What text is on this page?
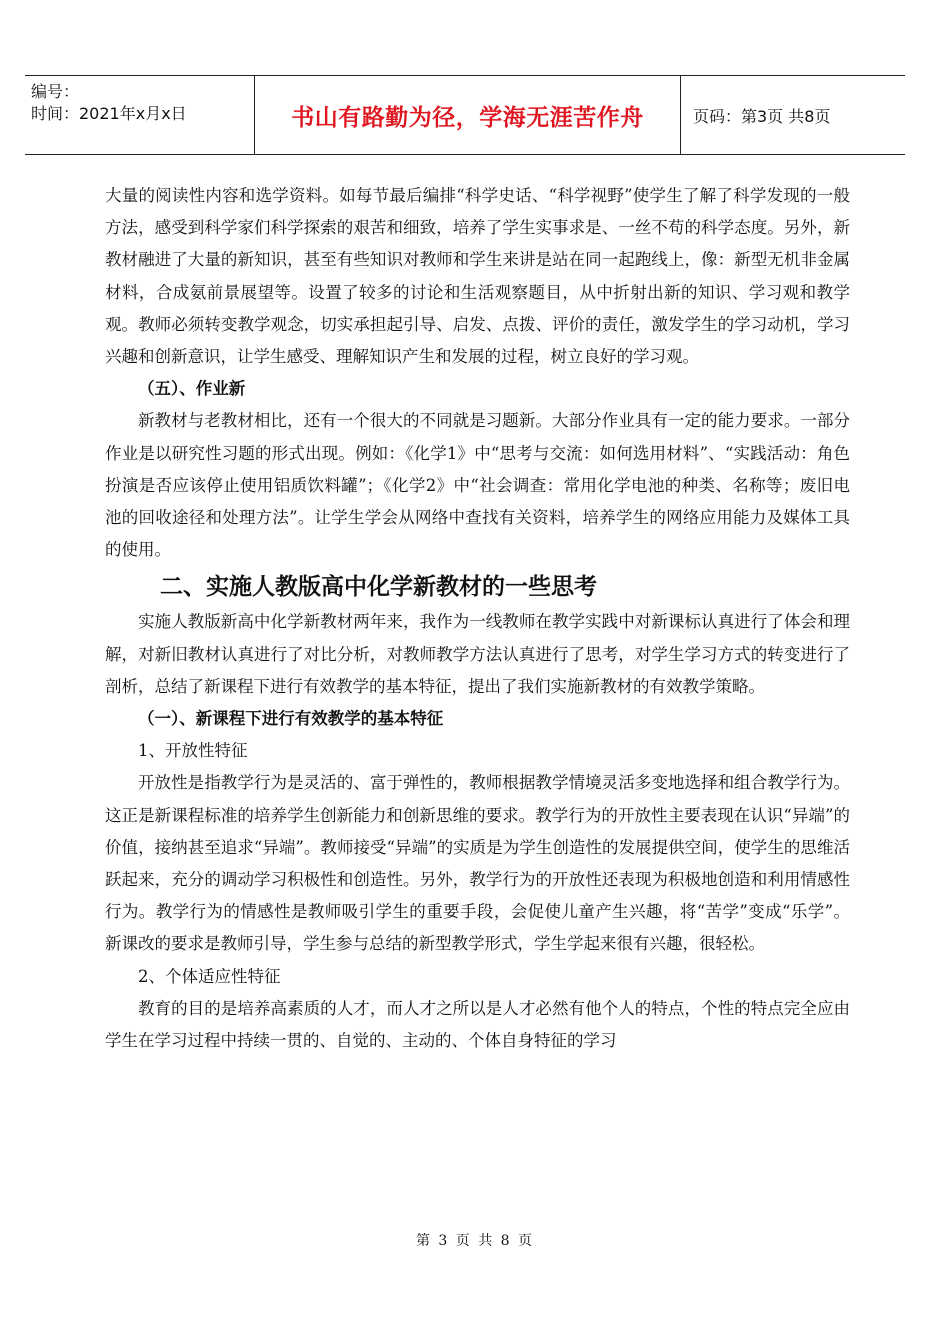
编号：
时间：2021年x月x日	书山有路勤为径，学海无涯苦作舟	页码：第3页 共8页

大量的阅读性内容和选学资料。如每节最后编排“科学史话、“科学视野”使学生了解了科学发现的一般方法，感受到科学家们科学探索的艰苦和细致，培养了学生实事求是、一丝不苟的科学态度。另外，新教材融进了大量的新知识，甚至有些知识对教师和学生来讲是站在同一起跑线上，像：新型无机非金属材料，合成氨前景展望等。设置了较多的讨论和生活观察题目，从中折射出新的知识、学习观和教学观。教师必须转变教学观念，切实承担起引导、启发、点拨、评价的责任，激发学生的学习动机，学习兴趣和创新意识，让学生感受、理解知识产生和发展的过程，树立良好的学习观。

（五）、作业新

新教材与老教材相比，还有一个很大的不同就是习题新。大部分作业具有一定的能力要求。一部分作业是以研究性习题的形式出现。例如：《化学1》中“思考与交流：如何选用材料”、“实践活动：角色扮演是否应该停止使用铝质饮料罐”；《化学2》中“社会调查：常用化学电池的种类、名称等；废旧电池的回收途径和处理方法”。让学生学会从网络中查找有关资料，培养学生的网络应用能力及媒体工具的使用。

二、实施人教版高中化学新教材的一些思考

实施人教版新高中化学新教材两年来，我作为一线教师在教学实践中对新课标认真进行了体会和理解，对新旧教材认真进行了对比分析，对教师教学方法认真进行了思考，对学生学习方式的转变进行了剖析，总结了新课程下进行有效教学的基本特征，提出了我们实施新教材的有效教学策略。

（一）、新课程下进行有效教学的基本特征

1、开放性特征

开放性是指教学行为是灵活的、富于弹性的，教师根据教学情境灵活多变地选择和组合教学行为。这正是新课程标准的培养学生创新能力和创新思维的要求。教学行为的开放性主要表现在认识“异端”的价值，接纳甚至追求“异端”。教师接受“异端”的实质是为学生创造性的发展提供空间，使学生的思维活跃起来，充分的调动学习积极性和创造性。另外，教学行为的开放性还表现为积极地创造和利用情感性行为。教学行为的情感性是教师吸引学生的重要手段，会促使儿童产生兴趣，将“苦学”变成“乐学”。 新课改的要求是教师引导，学生参与总结的新型教学形式，学生学起来很有兴趣，很轻松。

2、个体适应性特征

教育的目的是培养高素质的人才，而人才之所以是人才必然有他个人的特点，个性的特点完全应由学生在学习过程中持续一贯的、自觉的、主动的、个体自身特征的学习

第 3 页 共 8 页
